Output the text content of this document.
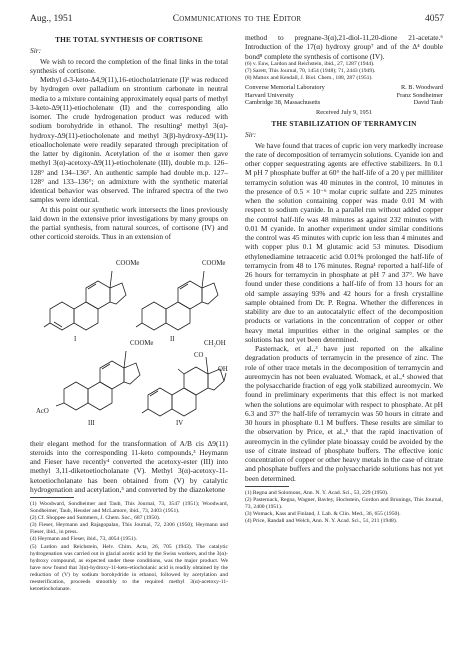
Aug., 1951	Communications to the Editor	4057
THE TOTAL SYNTHESIS OF CORTISONE
Sir:

We wish to record the completion of the final links in the total synthesis of cortisone.

Methyl d-3-keto-Δ4,9(11),16-etiocholatrienate (I)¹ was reduced by hydrogen over palladium on strontium carbonate in neutral media to a mixture containing approximately equal parts of methyl 3-keto-Δ9(11)-etiocholenate (II) and the corresponding allo isomer. The crude hydrogenation product was reduced with sodium borohydride in ethanol. The resulting² methyl 3(α)-hydroxy-Δ9(11)-etiocholenate and methyl 3(β)-hydroxy-Δ9(11)-etioallocholenate were readily separated through precipitation of the latter by digitonin. Acetylation of the α isomer then gave methyl 3(α)-acetoxy-Δ9(11)-etiocholenate (III), double m.p. 126–128° and 134–136°. An authentic sample had double m.p. 127–128° and 133–136°; on admixture with the synthetic material identical behavior was observed. The infrared spectra of the two samples were identical.

At this point our synthetic work intersects the lines previously laid down in the extensive prior investigations by many groups on the partial synthesis, from natural sources, of cortisone (IV) and other corticoid steroids. Thus in an extension of

COOMe	COOMe
COOMe	CH₂OH
CO
OH
AcO
I	II
III	IV

their elegant method for the transformation of A/B cis Δ9(11) steroids into the corresponding 11-keto compounds,³ Heymann and Fieser have recently⁴ converted the acetoxy-ester (III) into methyl 3,11-diketoetiocholanate (V). Methyl 3(α)-acetoxy-11-ketoetiocholanate has been obtained from (V) by catalytic hydrogenation and acetylation,⁵ and converted by the diazoketone

(1) Woodward, Sondheimer and Taub, This Journal, 73, 3547 (1951); Woodward, Sondheimer, Taub, Heusler and McLamore, ibid., 73, 2403 (1951).

(2) Cf. Shoppee and Summers, J. Chem. Soc., 687 (1950).

(3) Fieser, Heymann and Rajagopalan, This Journal, 72, 2306 (1950); Heymann and Fieser, ibid., in press.

(4) Heymann and Fieser, ibid., 73, 4054 (1951).

(5) Lardon and Reichstein, Helv. Chim. Acta, 26, 705 (1943). The catalytic hydrogenation was carried out in glacial acetic acid by the Swiss workers, and the 3(α)-hydroxy compound, as expected under these conditions, was the major product. We have now found that 3(α)-hydroxy-11-keto-etiocholanic acid is readily obtained by the reduction of (V) by sodium borohydride in ethanol, followed by acetylation and reesterification, proceeds smoothly to the required methyl 3(α)-acetoxy-11-ketoetiocholanate.

method to pregnane-3(α),21-diol-11,20-dione 21-acetate.⁶ Introduction of the 17(α) hydroxy group⁷ and of the Δ⁴ double bond⁸ complete the synthesis of cortisone (IV).

(6) v. Euw, Lardon and Reichstein, ibid., 27, 1287 (1944).

(7) Sarett, This Journal, 70, 1454 (1948); 71, 2443 (1949).

(8) Mattox and Kendall, J. Biol. Chem., 188, 287 (1951).

Converse Memorial Laboratory
Harvard University
Cambridge 38, Massachusetts
R. B. Woodward
Franz Sondheimer
David Taub
Received July 9, 1951
THE STABILIZATION OF TERRAMYCIN
Sir:

We have found that traces of cupric ion very markedly increase the rate of decomposition of terramycin solutions. Cyanide ion and other copper sequestrating agents are effective stabilizers. In 0.1 M pH 7 phosphate buffer at 60° the half-life of a 20 γ per milliliter terramycin solution was 40 minutes in the control, 10 minutes in the presence of 0.5 × 10⁻⁶ molar cupric sulfate and 225 minutes when the solution containing copper was made 0.01 M with respect to sodium cyanide. In a parallel run without added copper the control half-life was 48 minutes as against 232 minutes with 0.01 M cyanide. In another experiment under similar conditions the control was 45 minutes with cupric ion less than 4 minutes and with copper plus 0.1 M glutamic acid 53 minutes. Disodium ethylenediamine tetraacetic acid 0.01% prolonged the half-life of terramycin from 48 to 176 minutes. Regna¹ reported a half-life of 26 hours for terramycin in phosphate at pH 7 and 37°. We have found under these conditions a half-life of from 13 hours for an old sample assaying 93% and 42 hours for a fresh crystalline sample obtained from Dr. P. Regna. Whether the differences in stability are due to an autocatalytic effect of the decomposition products or variations in the concentration of copper or other heavy metal impurities either in the original samples or the solutions has not yet been determined.

Pasternack, et al.,³ have just reported on the alkaline degradation products of terramycin in the presence of zinc. The role of other trace metals in the decomposition of terramycin and aureomycin has not been evaluated. Womack, et al.,⁴ showed that the polysaccharide fraction of egg yolk stabilized aureomycin. We found in preliminary experiments that this effect is not marked when the solutions are equimolar with respect to phosphate. At pH 6.3 and 37° the half-life of terramycin was 50 hours in citrate and 30 hours in phosphate 0.1 M buffers. These results are similar to the observation by Price, et al.,⁵ that the rapid inactivation of aureomycin in the cylinder plate bioassay could be avoided by the use of citrate instead of phosphate buffers. The effective ionic concentration of copper or other heavy metals in the case of citrate and phosphate buffers and the polysaccharide solutions has not yet been determined.

(1) Regna and Solomons, Ann. N. Y. Acad. Sci., 53, 229 (1950).

(2) Pasternack, Regna, Wagner, Bavley, Hochstein, Gordon and Brunings, This Journal, 73, 2400 (1951).

(3) Womack, Kass and Finland, J. Lab. & Clin. Med., 36, 655 (1950).

(4) Price, Randall and Welch, Ann. N. Y. Acad. Sci., 51, 211 (1948).
